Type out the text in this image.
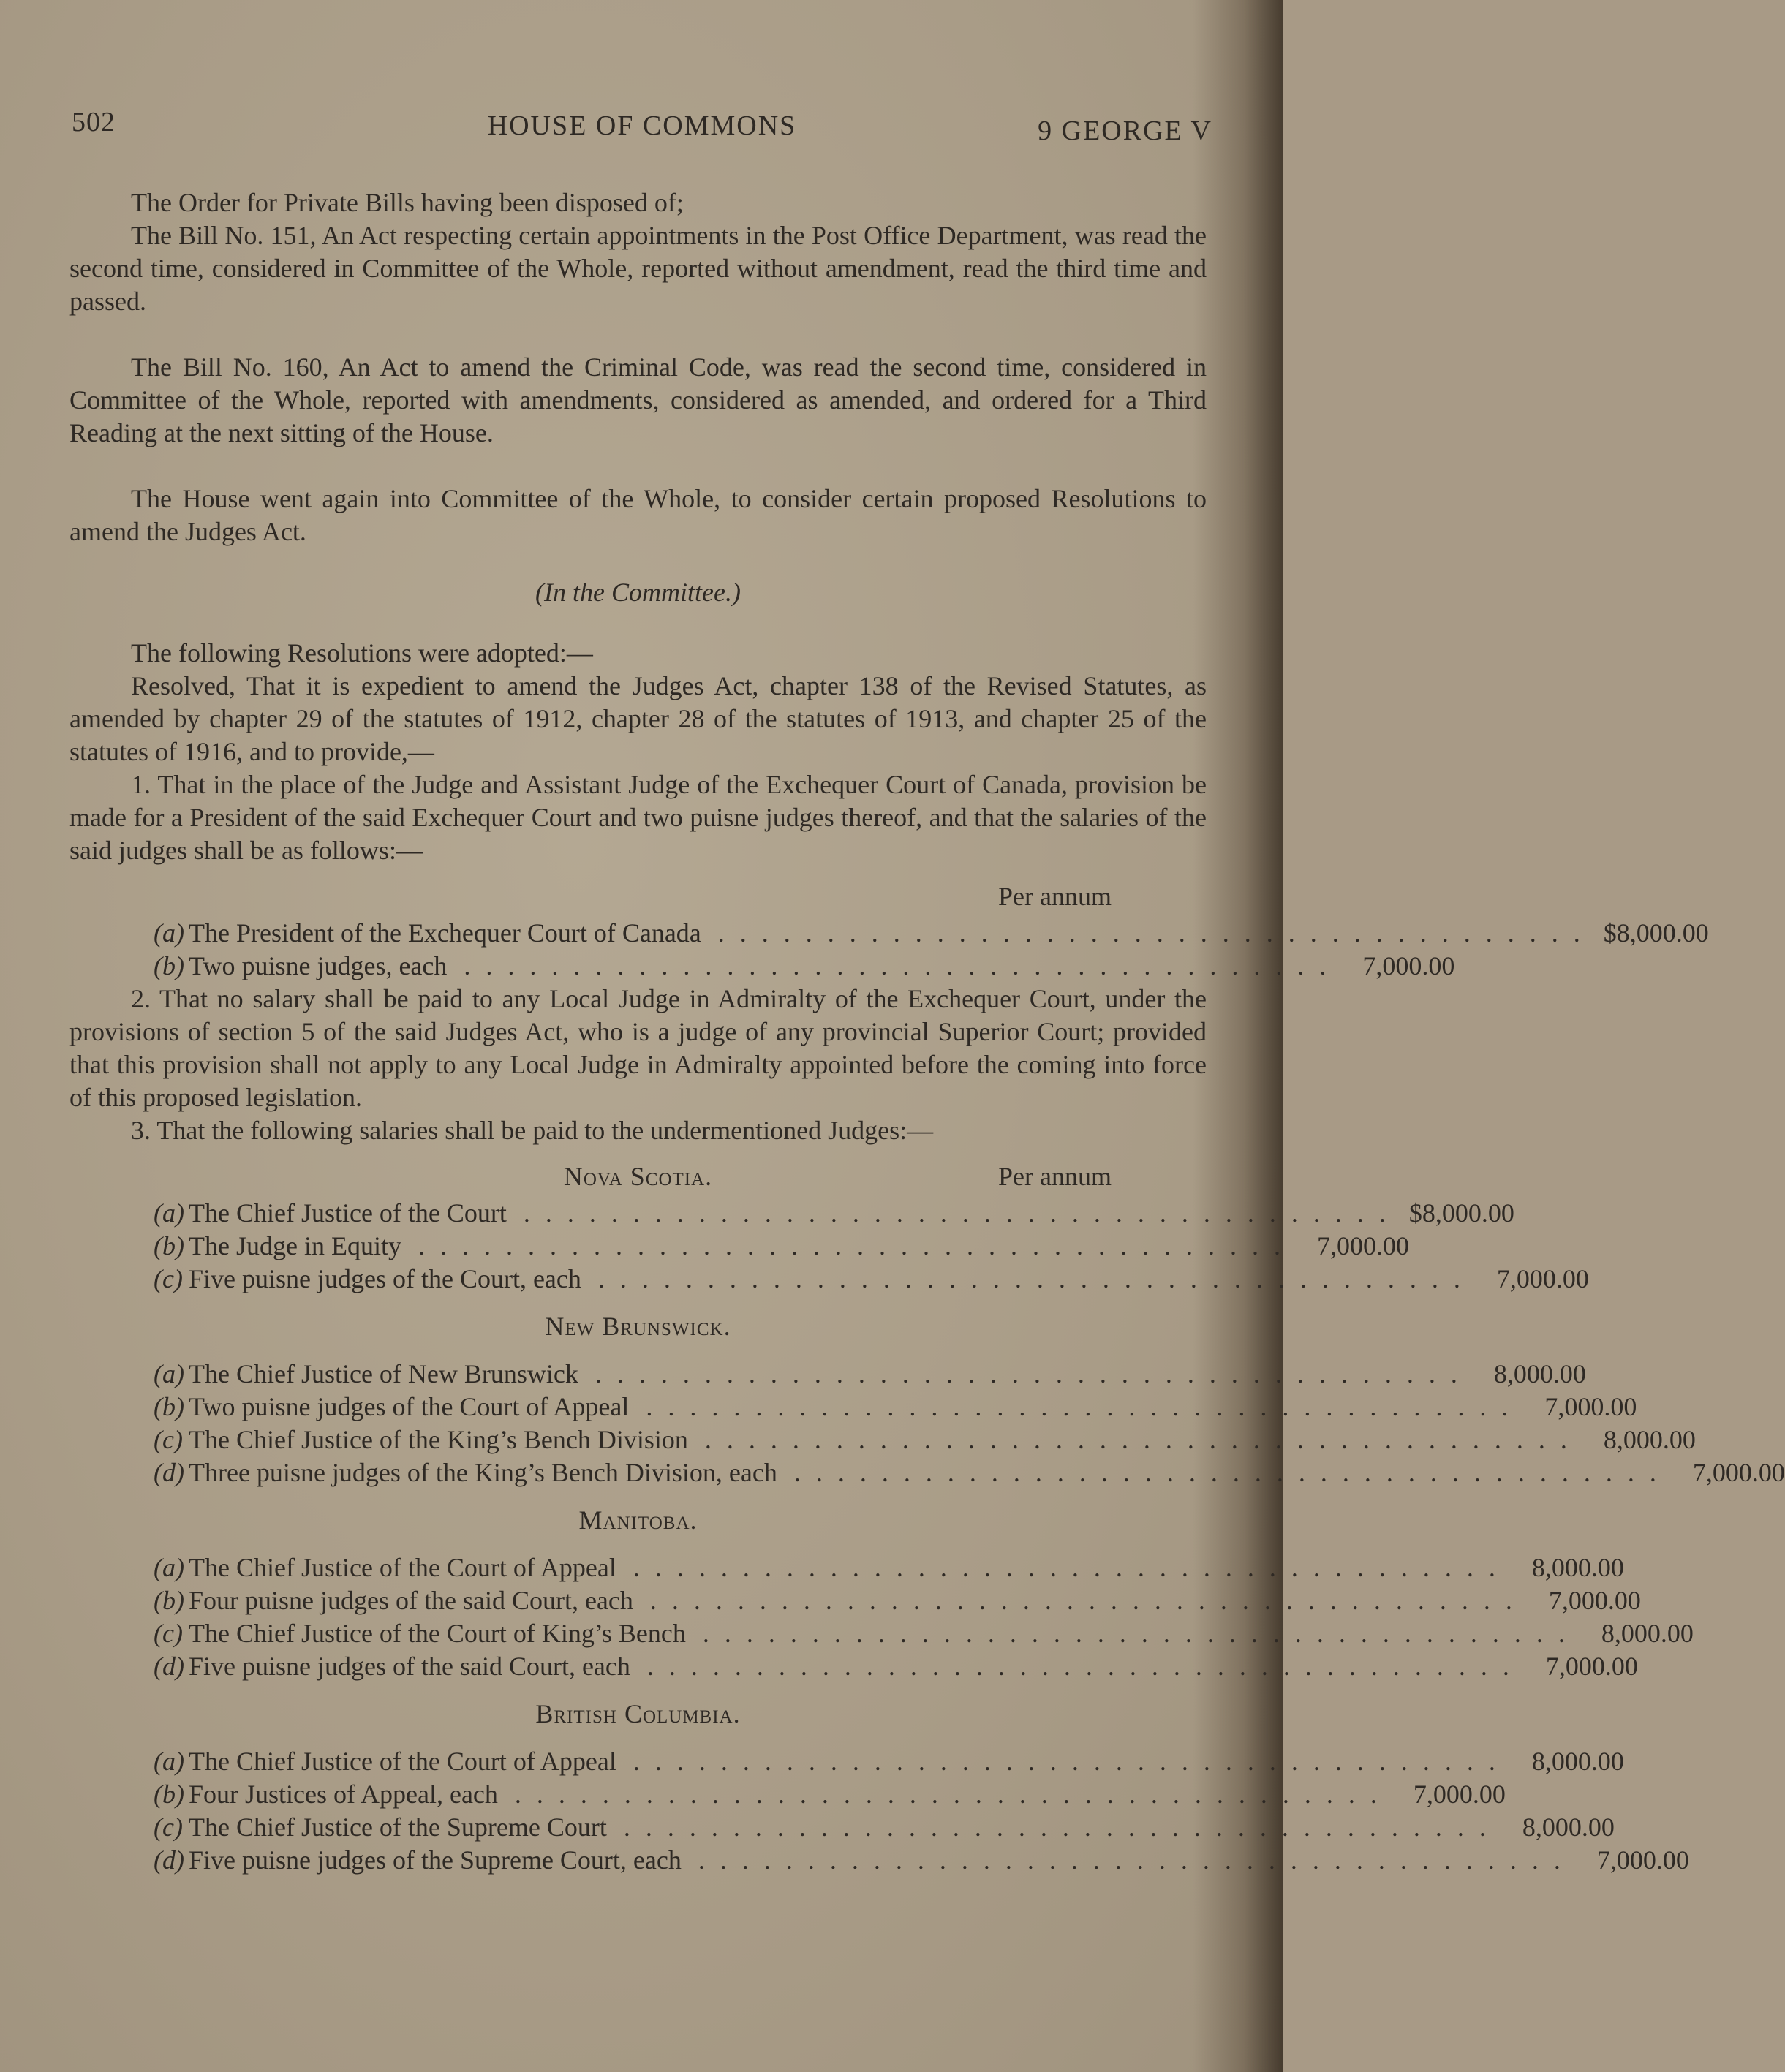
502	HOUSE OF COMMONS	9 GEORGE V

The Order for Private Bills having been disposed of;

The Bill No. 151, An Act respecting certain appointments in the Post Office Department, was read the second time, considered in Committee of the Whole, reported without amendment, read the third time and passed.

The Bill No. 160, An Act to amend the Criminal Code, was read the second time, considered in Committee of the Whole, reported with amendments, considered as amended, and ordered for a Third Reading at the next sitting of the House.

The House went again into Committee of the Whole, to consider certain proposed Resolutions to amend the Judges Act.

(In the Committee.)

The following Resolutions were adopted:—

Resolved, That it is expedient to amend the Judges Act, chapter 138 of the Revised Statutes, as amended by chapter 29 of the statutes of 1912, chapter 28 of the statutes of 1913, and chapter 25 of the statutes of 1916, and to provide,—

1. That in the place of the Judge and Assistant Judge of the Exchequer Court of Canada, provision be made for a President of the said Exchequer Court and two puisne judges thereof, and that the salaries of the said judges shall be as follows:—

Per annum
(a) The President of the Exchequer Court of Canada . . . . . . . . . . . . . . . . . . . . . . . . . . . . . . . . . . . . . . . . $8,000.00
(b) Two puisne judges, each . . . . . . . . . . . . . . . . . . . . . . . . . . . . . . . . . . . . . . . .	7,000.00

2. That no salary shall be paid to any Local Judge in Admiralty of the Exchequer Court, under the provisions of section 5 of the said Judges Act, who is a judge of any provincial Superior Court; provided that this provision shall not apply to any Local Judge in Admiralty appointed before the coming into force of this proposed legislation.

3. That the following salaries shall be paid to the undermentioned Judges:—

Nova Scotia.	Per annum
(a) The Chief Justice of the Court . . . . . . . . . . . . . . . . . . . . . . . . . . . . . . . . . . . . . . . . $8,000.00
(b) The Judge in Equity . . . . . . . . . . . . . . . . . . . . . . . . . . . . . . . . . . . . . . . .	7,000.00
(c) Five puisne judges of the Court, each . . . . . . . . . . . . . . . . . . . . . . . . . . . . . . . . . . . . . . . .	7,000.00

New Brunswick.

(a) The Chief Justice of New Brunswick . . . . . . . . . . . . . . . . . . . . . . . . . . . . . . . . . . . . . . . .	8,000.00
(b) Two puisne judges of the Court of Appeal . . . . . . . . . . . . . . . . . . . . . . . . . . . . . . . . . . . . . . . .	7,000.00
(c) The Chief Justice of the King’s Bench Division . . . . . . . . . . . . . . . . . . . . . . . . . . . . . . . . . . . . . . . .	8,000.00
(d) Three puisne judges of the King’s Bench Division, each . . . . . . . . . . . . . . . . . . . . . . . . . . . . . . . . . . . . . . . .	7,000.00

Manitoba.

(a) The Chief Justice of the Court of Appeal . . . . . . . . . . . . . . . . . . . . . . . . . . . . . . . . . . . . . . . .	8,000.00
(b) Four puisne judges of the said Court, each . . . . . . . . . . . . . . . . . . . . . . . . . . . . . . . . . . . . . . . .	7,000.00
(c) The Chief Justice of the Court of King’s Bench . . . . . . . . . . . . . . . . . . . . . . . . . . . . . . . . . . . . . . . .	8,000.00
(d) Five puisne judges of the said Court, each . . . . . . . . . . . . . . . . . . . . . . . . . . . . . . . . . . . . . . . .	7,000.00

British Columbia.

(a) The Chief Justice of the Court of Appeal . . . . . . . . . . . . . . . . . . . . . . . . . . . . . . . . . . . . . . . .	8,000.00
(b) Four Justices of Appeal, each . . . . . . . . . . . . . . . . . . . . . . . . . . . . . . . . . . . . . . . .	7,000.00
(c) The Chief Justice of the Supreme Court . . . . . . . . . . . . . . . . . . . . . . . . . . . . . . . . . . . . . . . .	8,000.00
(d) Five puisne judges of the Supreme Court, each . . . . . . . . . . . . . . . . . . . . . . . . . . . . . . . . . . . . . . . .	7,000.00
